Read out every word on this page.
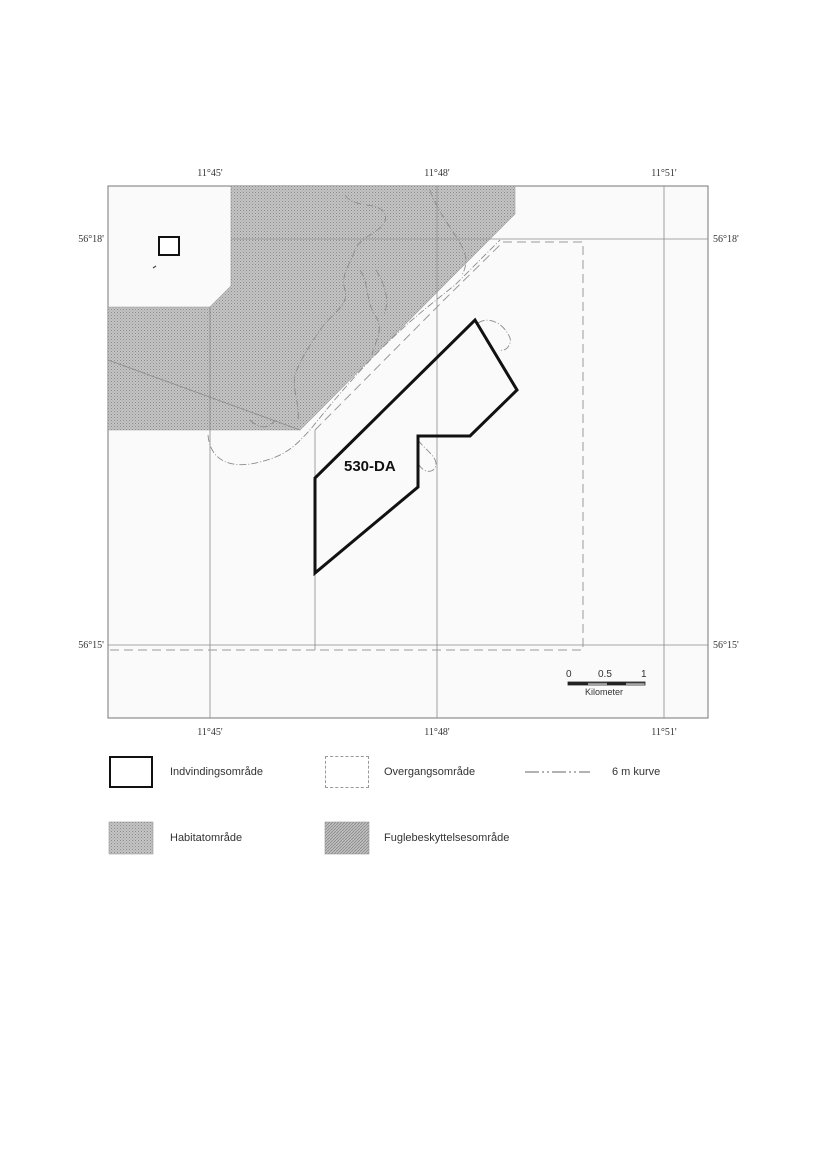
530-DA
11°45'	11°48'	11°51'
11°45'	11°48'	11°51'
56°18'
56°15'
56°18'
56°15'
0	0.5	1
Kilometer
Indvindingsområde	Overgangsområde	6 m kurve
Habitatområde	Fuglebeskyttelsesområde
